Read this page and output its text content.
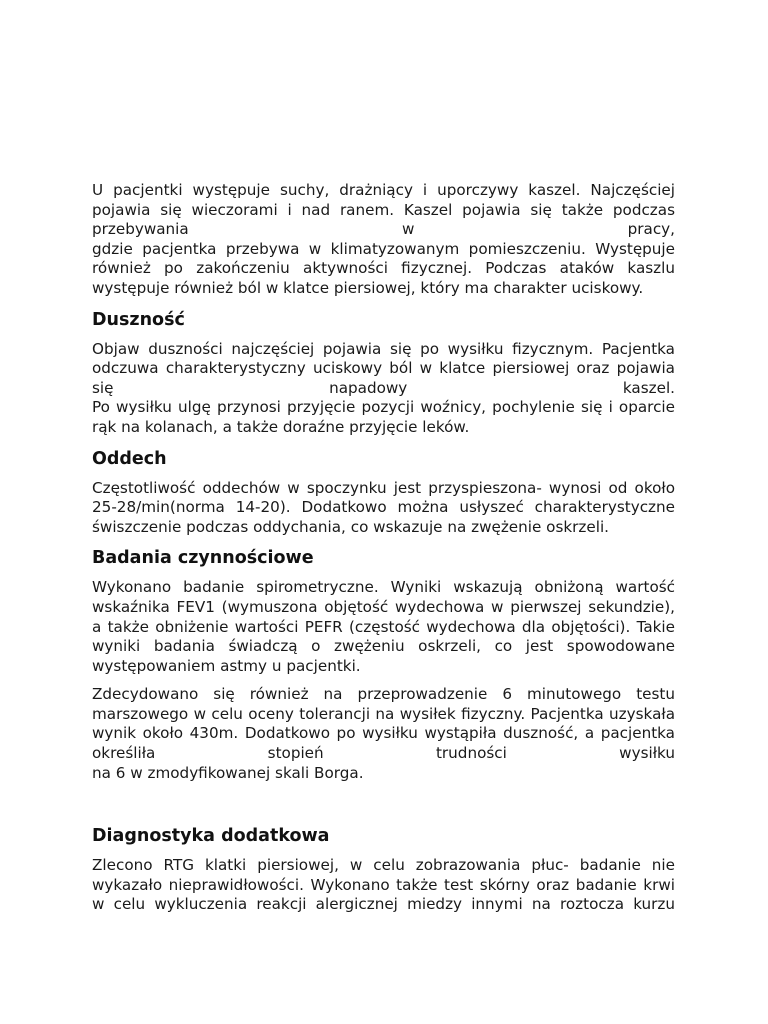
U pacjentki występuje suchy, drażniący i uporczywy kaszel. Najczęściej pojawia się wieczorami i nad ranem. Kaszel pojawia się także podczas przebywania w pracy,
gdzie pacjentka przebywa w klimatyzowanym pomieszczeniu. Występuje również po zakończeniu aktywności fizycznej. Podczas ataków kaszlu występuje również ból w klatce piersiowej, który ma charakter uciskowy.

Duszność

Objaw duszności najczęściej pojawia się po wysiłku fizycznym. Pacjentka odczuwa charakterystyczny uciskowy ból w klatce piersiowej oraz pojawia się napadowy kaszel.
Po wysiłku ulgę przynosi przyjęcie pozycji woźnicy, pochylenie się i oparcie rąk na kolanach, a także doraźne przyjęcie leków.

Oddech

Częstotliwość oddechów w spoczynku jest przyspieszona- wynosi od około 25-28/min(norma 14-20). Dodatkowo można usłyszeć charakterystyczne świszczenie podczas oddychania, co wskazuje na zwężenie oskrzeli.

Badania czynnościowe

Wykonano badanie spirometryczne. Wyniki wskazują obniżoną wartość wskaźnika FEV1 (wymuszona objętość wydechowa w pierwszej sekundzie), a także obniżenie wartości PEFR (częstość wydechowa dla objętości). Takie wyniki badania świadczą o zwężeniu oskrzeli, co jest spowodowane występowaniem astmy u pacjentki.

Zdecydowano się również na przeprowadzenie 6 minutowego testu marszowego w celu oceny tolerancji na wysiłek fizyczny. Pacjentka uzyskała wynik około 430m. Dodatkowo po wysiłku wystąpiła duszność, a pacjentka określiła stopień trudności wysiłku
na 6 w zmodyfikowanej skali Borga.

Diagnostyka dodatkowa

Zlecono RTG klatki piersiowej, w celu zobrazowania płuc- badanie nie wykazało nieprawidłowości. Wykonano także test skórny oraz badanie krwi w celu wykluczenia reakcji alergicznej miedzy innymi na roztocza kurzu
